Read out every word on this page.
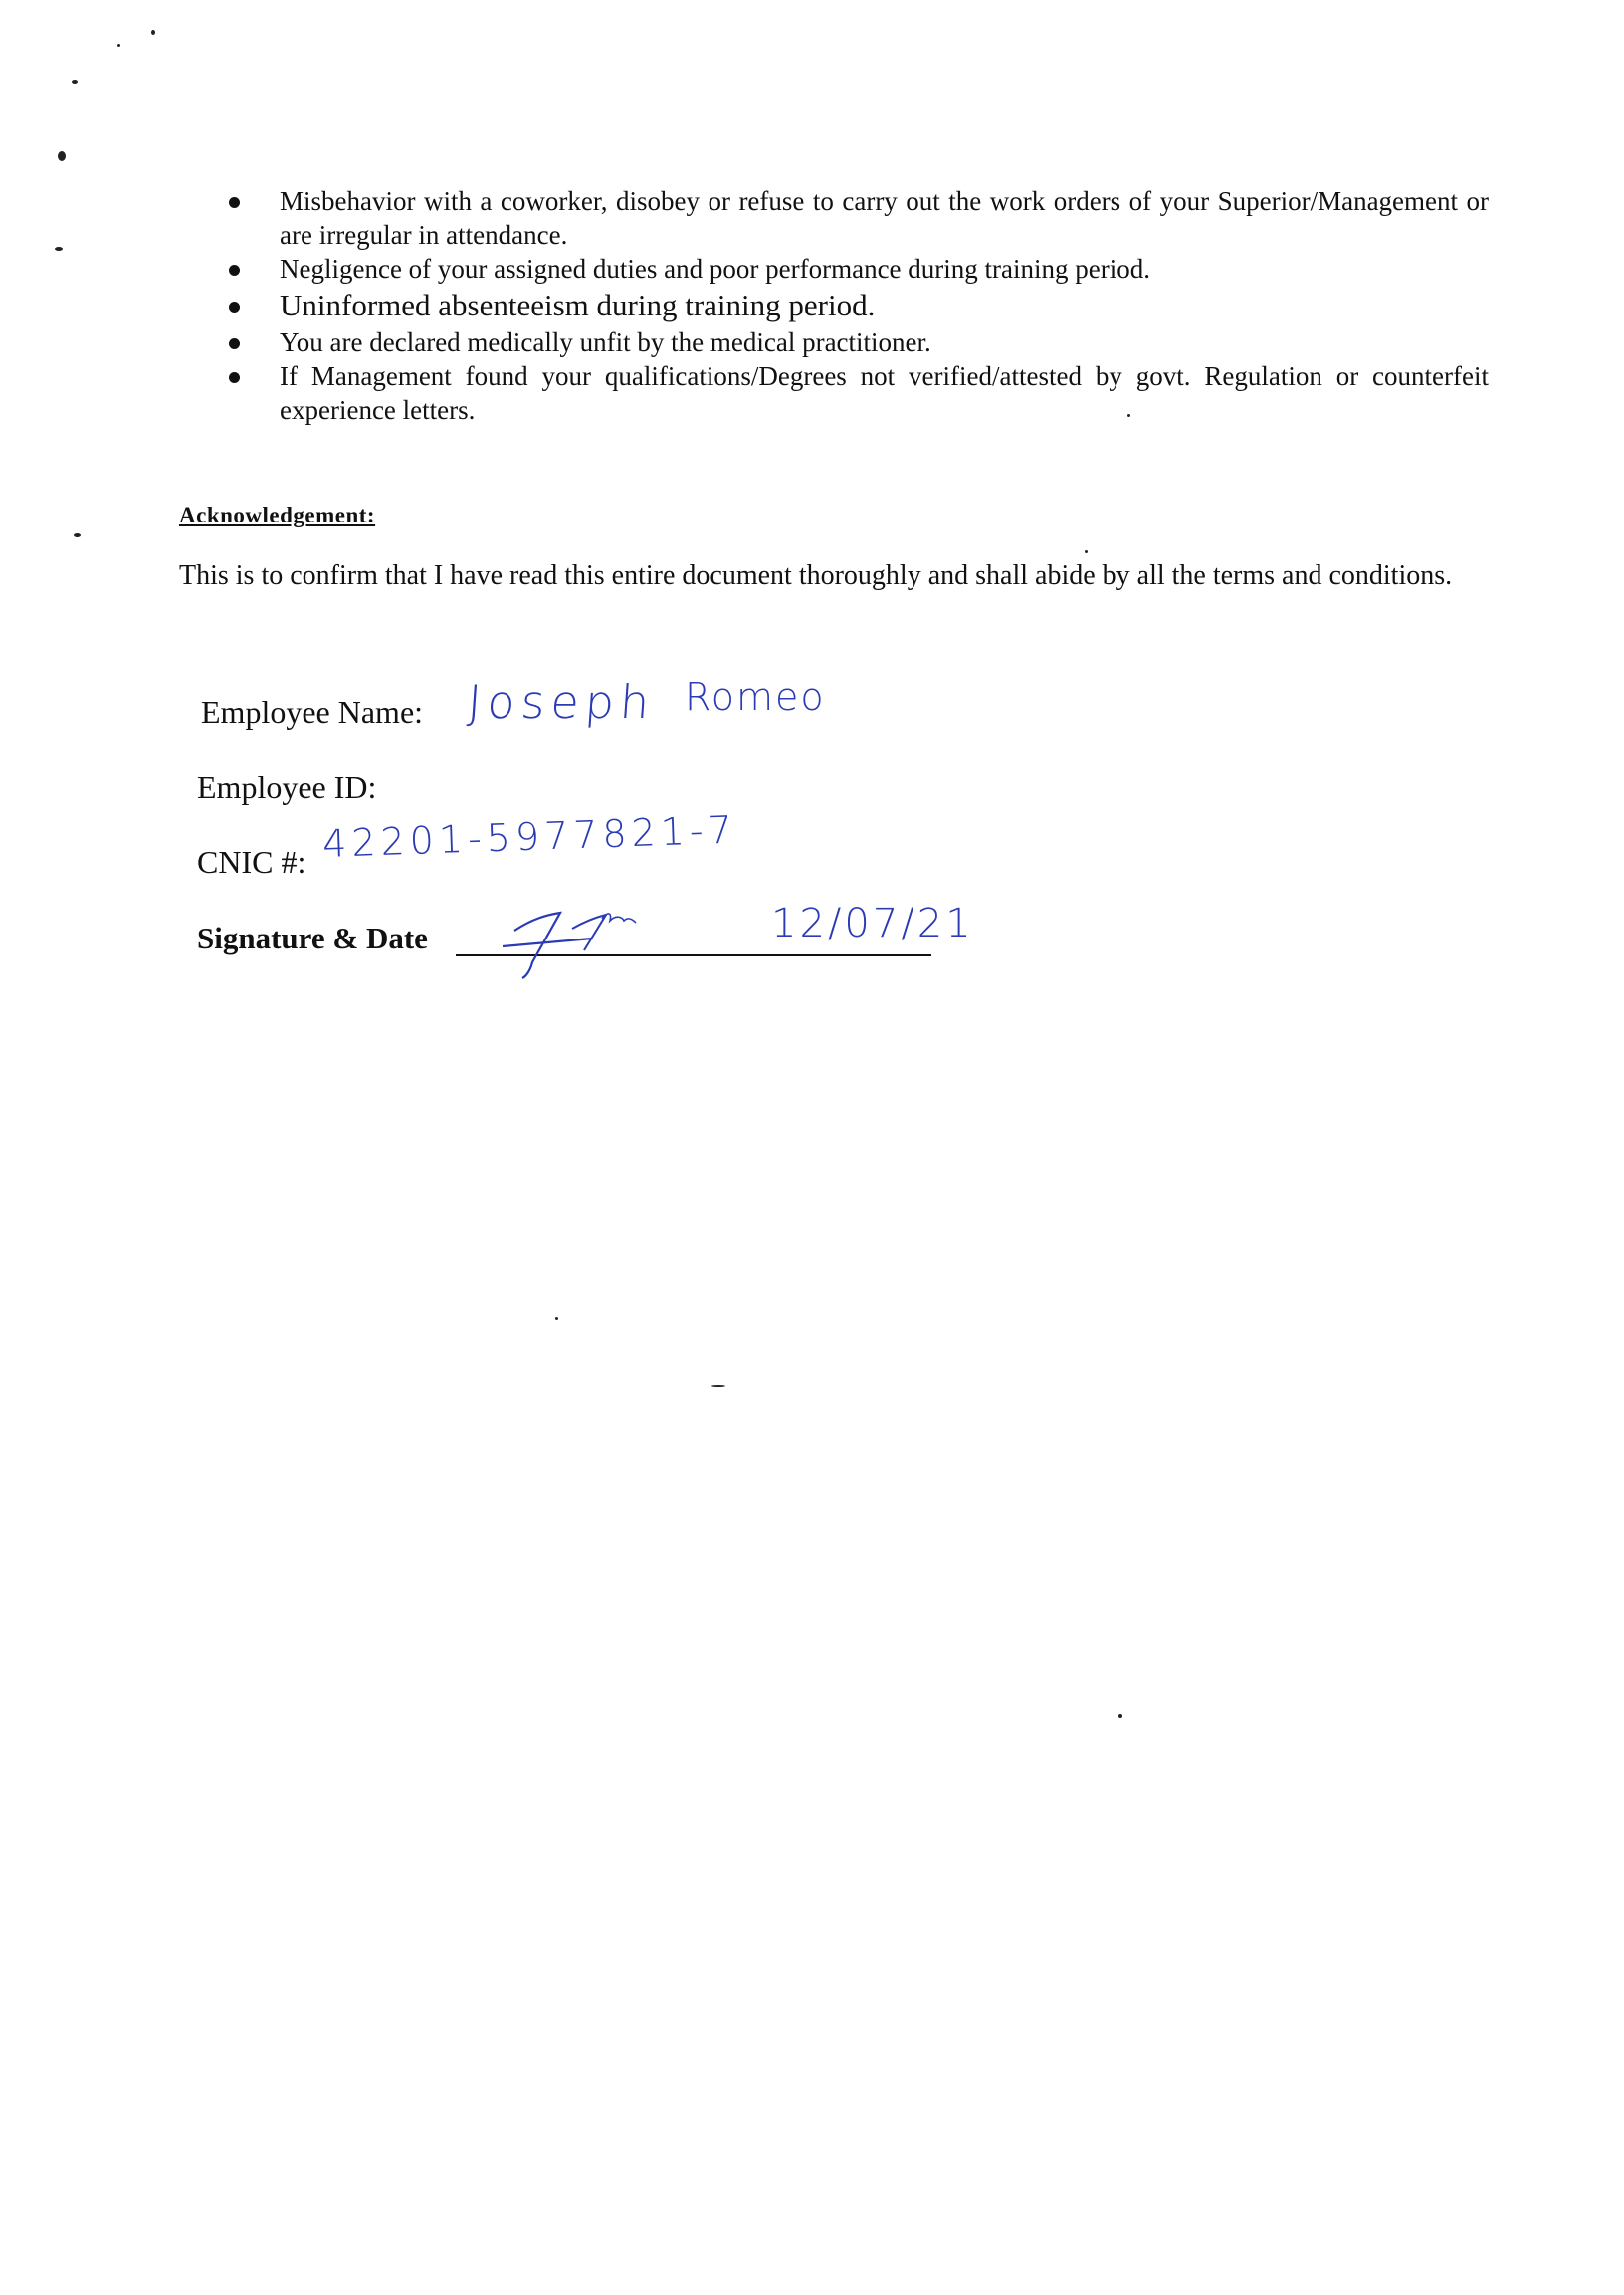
Misbehavior with a coworker, disobey or refuse to carry out the work orders of your Superior/Management or are irregular in attendance.
Negligence of your assigned duties and poor performance during training period.
Uninformed absenteeism during training period.
You are declared medically unfit by the medical practitioner.
If Management found your qualifications/Degrees not verified/attested by govt. Regulation or counterfeit experience letters.
Acknowledgement:
This is to confirm that I have read this entire document thoroughly and shall abide by all the terms and conditions.
Employee Name: Joseph Romeo
Employee ID:
CNIC #: 42201-5977821-7
Signature & Date	12/07/21
